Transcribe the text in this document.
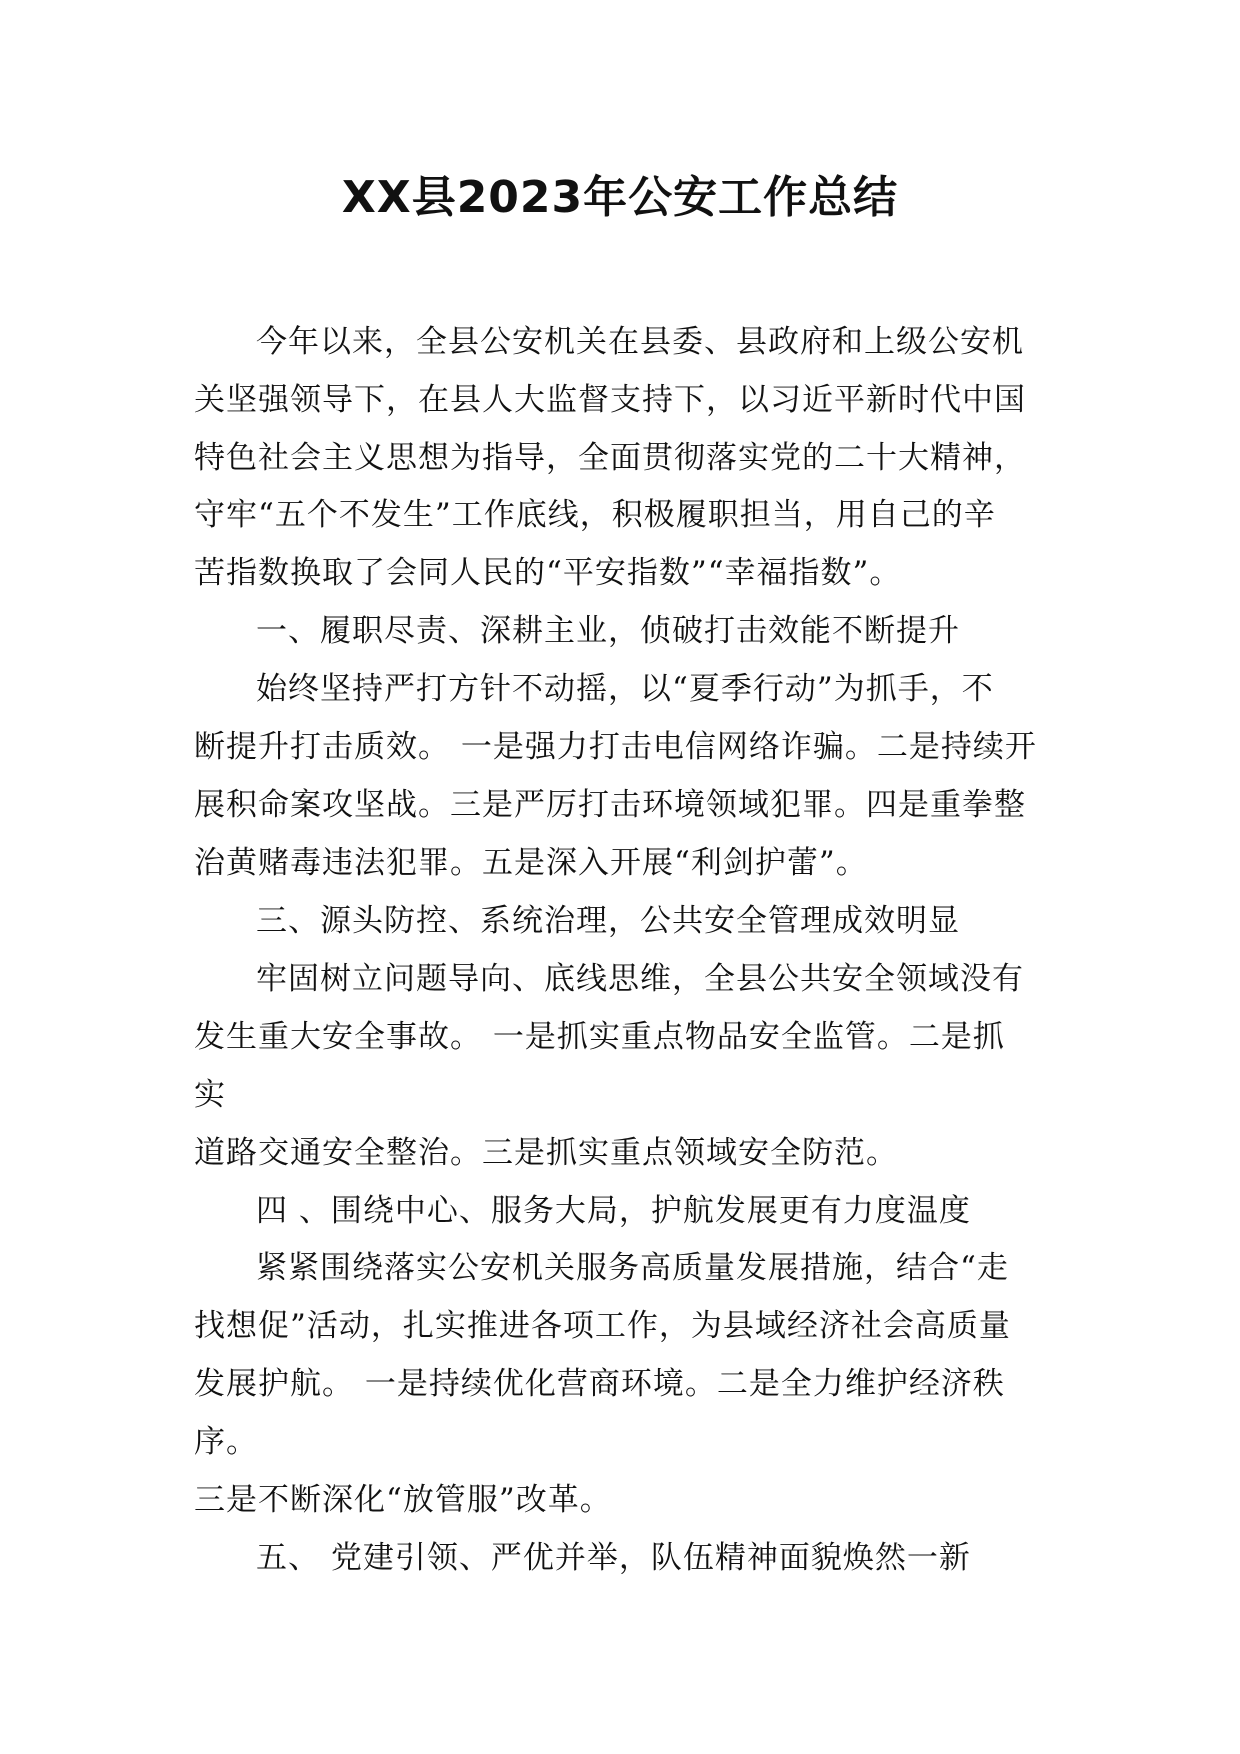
XX县2023年公安工作总结
今年以来，全县公安机关在县委、县政府和上级公安机
关坚强领导下，在县人大监督支持下，以习近平新时代中国
特色社会主义思想为指导，全面贯彻落实党的二十大精神，
守牢“五个不发生”工作底线，积极履职担当，用自己的辛
苦指数换取了会同人民的“平安指数”“幸福指数”。
一、履职尽责、深耕主业，侦破打击效能不断提升
始终坚持严打方针不动摇，以“夏季行动”为抓手，不
断提升打击质效。 一是强力打击电信网络诈骗。二是持续开
展积命案攻坚战。三是严厉打击环境领域犯罪。四是重拳整
治黄赌毒违法犯罪。五是深入开展“利剑护蕾”。
三、源头防控、系统治理，公共安全管理成效明显
牢固树立问题导向、底线思维，全县公共安全领域没有
发生重大安全事故。 一是抓实重点物品安全监管。二是抓
实
道路交通安全整治。三是抓实重点领域安全防范。
四 、围绕中心、服务大局，护航发展更有力度温度
紧紧围绕落实公安机关服务高质量发展措施，结合“走
找想促”活动，扎实推进各项工作，为县域经济社会高质量
发展护航。 一是持续优化营商环境。二是全力维护经济秩
序。
三是不断深化“放管服”改革。
五、 党建引领、严优并举，队伍精神面貌焕然一新
